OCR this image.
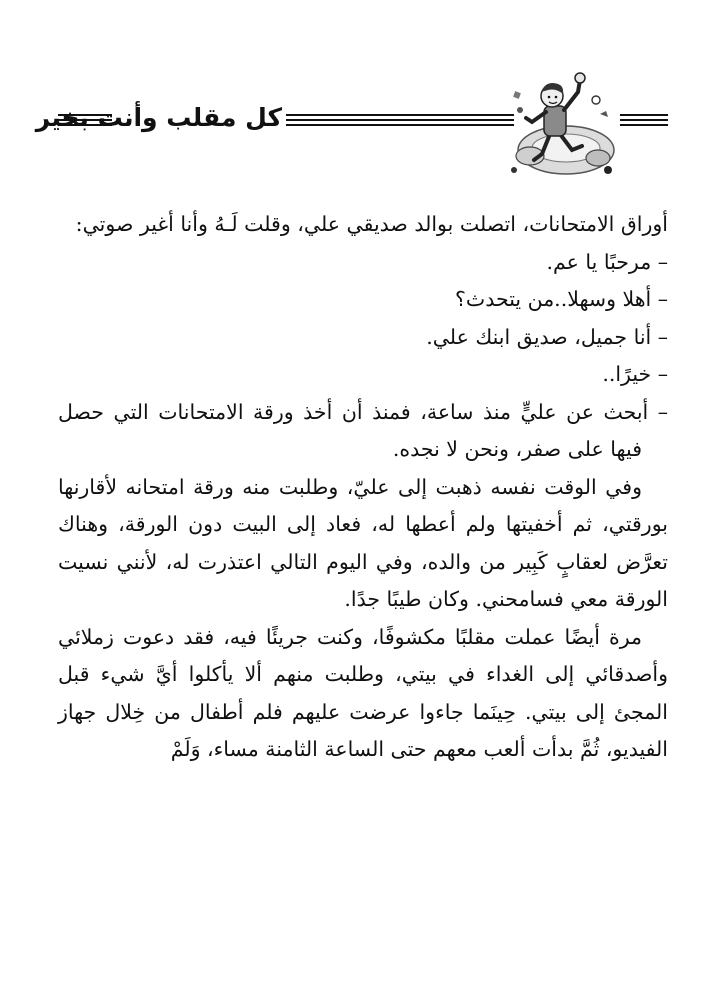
كل مقلب وأنت بخير

أوراق الامتحانات، اتصلت بوالد صديقي علي، وقلت لَـهُ وأنا أغير صوتي:

– مرحبًا يا عم.

– أهلا وسهلا..من يتحدث؟

– أنا جميل، صديق ابنك علي.

– خيرًا..

– أبحث عن عليٍّ منذ ساعة، فمنذ أن أخذ ورقة الامتحانات التي حصل فيها على صفر، ونحن لا نجده.

وفي الوقت نفسه ذهبت إلى عليّ، وطلبت منه ورقة امتحانه لأقارنها بورقتي، ثم أخفيتها ولم أعطها له، فعاد إلى البيت دون الورقة، وهناك تعرَّض لعقابٍ كَبِير من والده، وفي اليوم التالي اعتذرت له، لأنني نسيت الورقة معي فسامحني. وكان طيبًا جدًا.

مرة أيضًا عملت مقلبًا مكشوفًا، وكنت جريئًا فيه، فقد دعوت زملائي وأصدقائي إلى الغداء في بيتي، وطلبت منهم ألا يأكلوا أيَّ شيء قبل المجئ إلى بيتي. حِينَما جاءوا عرضت عليهم فلم أطفال من خِلال جهاز الفيديو، ثُمَّ بدأت ألعب معهم حتى الساعة الثامنة مساء، وَلَمْ
